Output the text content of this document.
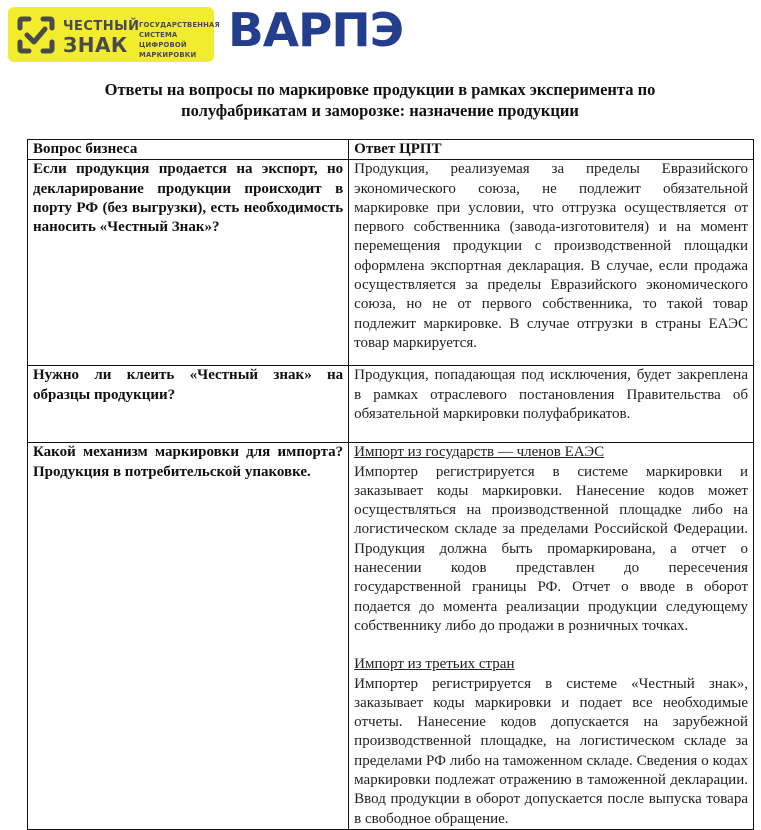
ЧЕСТНЫЙ
ЗНАК
ГОСУДАРСТВЕННАЯ
СИСТЕМА ЦИФРОВОЙ
МАРКИРОВКИ ВАРПЭ
Ответы на вопросы по маркировке продукции в рамках эксперимента по
полуфабрикатам и заморозке: назначение продукции
Вопрос бизнеса	Ответ ЦРПТ
Если продукция продается на экспорт, но декларирование продукции происходит в порту РФ (без выгрузки), есть необходимость наносить «Честный Знак»?	Продукция, реализуемая за пределы Евразийского экономического союза, не подлежит обязательной маркировке при условии, что отгрузка осуществляется от первого собственника (завода-изготовителя) и на момент перемещения продукции с производственной площадки оформлена экспортная декларация. В случае, если продажа осуществляется за пределы Евразийского экономического союза, но не от первого собственника, то такой товар подлежит маркировке. В случае отгрузки в страны ЕАЭС товар маркируется.
Нужно ли клеить «Честный знак» на образцы продукции?	Продукция, попадающая под исключения, будет закреплена в рамках отраслевого постановления Правительства об обязательной маркировки полуфабрикатов.
Какой механизм маркировки для импорта? Продукция в потребительской упаковке.	Импорт из государств — членов ЕАЭС
Импортер регистрируется в системе маркировки и заказывает коды маркировки. Нанесение кодов может осуществляться на производственной площадке либо на логистическом складе за пределами Российской Федерации. Продукция должна быть промаркирована, а отчет о нанесении кодов представлен до пересечения государственной границы РФ. Отчет о вводе в оборот подается до момента реализации продукции следующему собственнику либо до продажи в розничных точках.
Импорт из третьих стран
Импортер регистрируется в системе «Честный знак», заказывает коды маркировки и подает все необходимые отчеты. Нанесение кодов допускается на зарубежной производственной площадке, на логистическом складе за пределами РФ либо на таможенном складе. Сведения о кодах маркировки подлежат отражению в таможенной декларации. Ввод продукции в оборот допускается после выпуска товара в свободное обращение.
